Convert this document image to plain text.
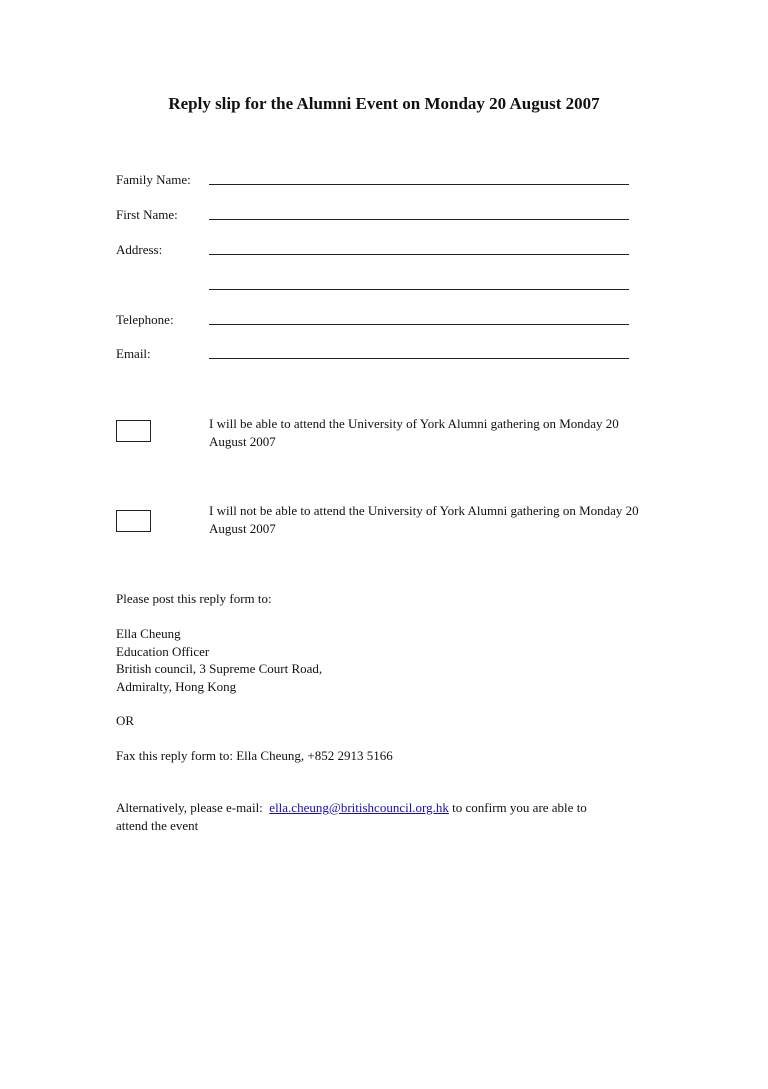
Reply slip for the Alumni Event on Monday 20 August 2007
Family Name:
First Name:
Address:
Telephone:
Email:
I will be able to attend the University of York Alumni gathering on Monday 20 August 2007
I will not be able to attend the University of York Alumni gathering on Monday 20 August 2007
Please post this reply form to:
Ella Cheung
Education Officer
British council, 3 Supreme Court Road,
Admiralty, Hong Kong
OR
Fax this reply form to: Ella Cheung, +852 2913 5166
Alternatively, please e-mail: ella.cheung@britishcouncil.org.hk to confirm you are able to
attend the event
